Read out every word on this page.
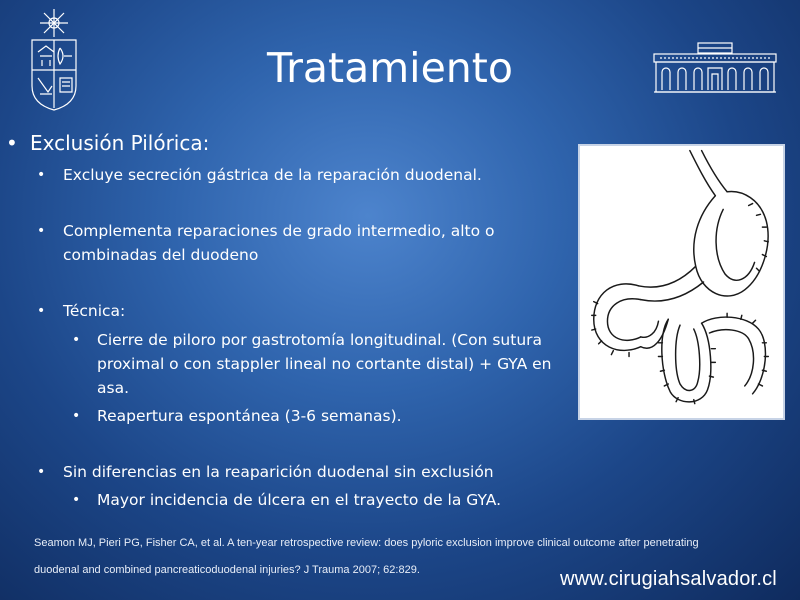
Tratamiento
• Exclusión Pilórica:
• Excluye secreción gástrica de la reparación duodenal.
• Complementa reparaciones de grado intermedio, alto o
combinadas del duodeno
• Técnica:
• Cierre de piloro por gastrotomía longitudinal. (Con sutura
proximal o con stappler lineal no cortante distal) + GYA en
asa.
• Reapertura espontánea (3-6 semanas).
• Sin diferencias en la reaparición duodenal sin exclusión
• Mayor incidencia de úlcera en el trayecto de la GYA.
Seamon MJ, Pieri PG, Fisher CA, et al. A ten-year retrospective review: does pyloric exclusion improve clinical outcome after penetrating
duodenal and combined pancreaticoduodenal injuries? J Trauma 2007; 62:829.	www.cirugiahsalvador.cl
